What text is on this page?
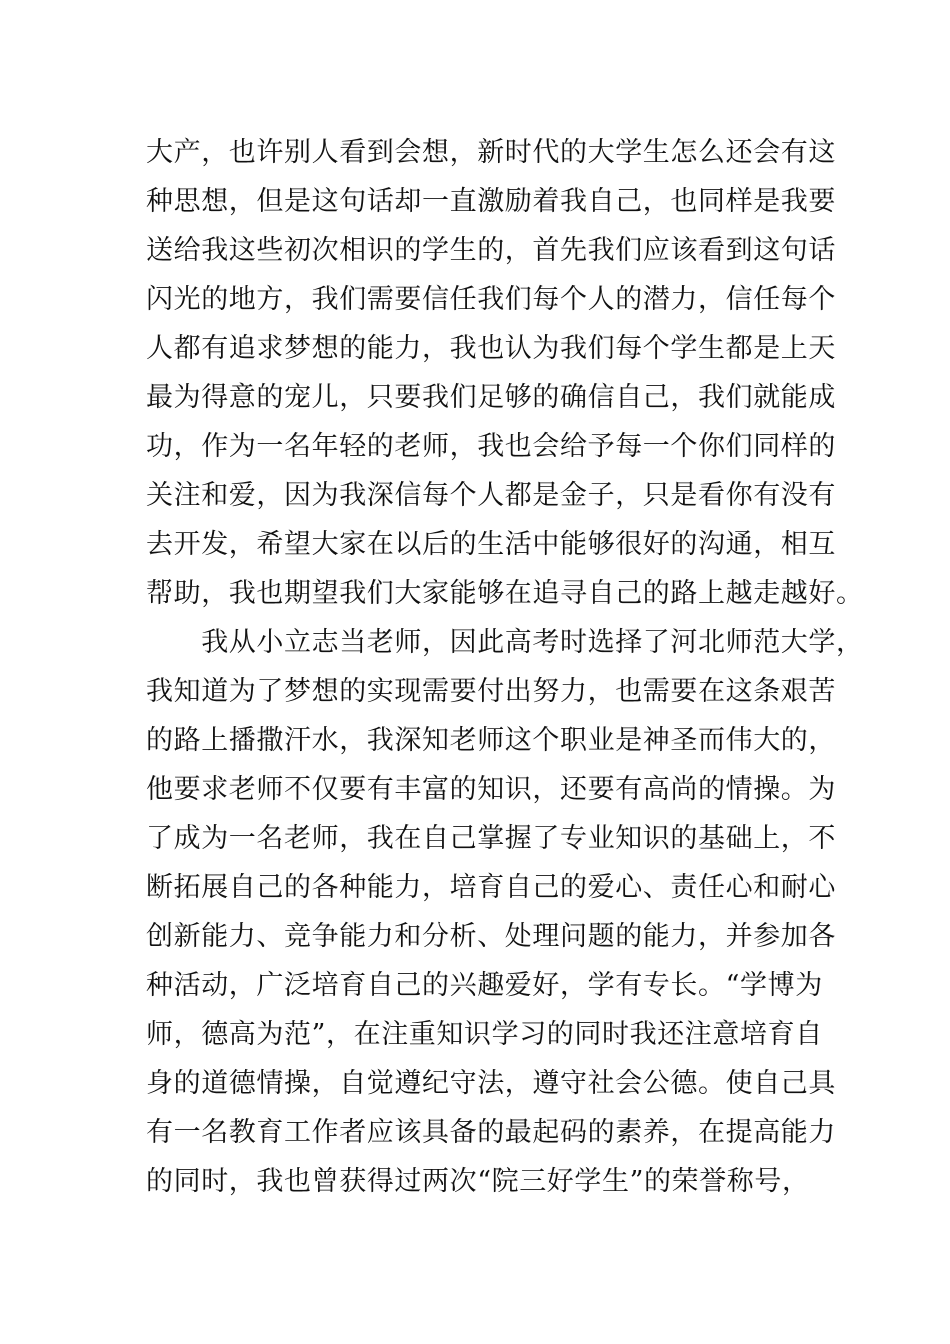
大产，也许别人看到会想，新时代的大学生怎么还会有这
种思想，但是这句话却一直激励着我自己，也同样是我要
送给我这些初次相识的学生的，首先我们应该看到这句话
闪光的地方，我们需要信任我们每个人的潜力，信任每个
人都有追求梦想的能力，我也认为我们每个学生都是上天
最为得意的宠儿，只要我们足够的确信自己，我们就能成
功，作为一名年轻的老师，我也会给予每一个你们同样的
关注和爱，因为我深信每个人都是金子，只是看你有没有
去开发，希望大家在以后的生活中能够很好的沟通，相互
帮助，我也期望我们大家能够在追寻自己的路上越走越好。
　　我从小立志当老师，因此高考时选择了河北师范大学，
我知道为了梦想的实现需要付出努力，也需要在这条艰苦
的路上播撒汗水，我深知老师这个职业是神圣而伟大的，
他要求老师不仅要有丰富的知识，还要有高尚的情操。为
了成为一名老师，我在自己掌握了专业知识的基础上，不
断拓展自己的各种能力，培育自己的爱心、责任心和耐心
创新能力、竞争能力和分析、处理问题的能力，并参加各
种活动，广泛培育自己的兴趣爱好，学有专长。“学博为
师，德高为范”，在注重知识学习的同时我还注意培育自
身的道德情操，自觉遵纪守法，遵守社会公德。使自己具
有一名教育工作者应该具备的最起码的素养，在提高能力
的同时，我也曾获得过两次“院三好学生”的荣誉称号，
